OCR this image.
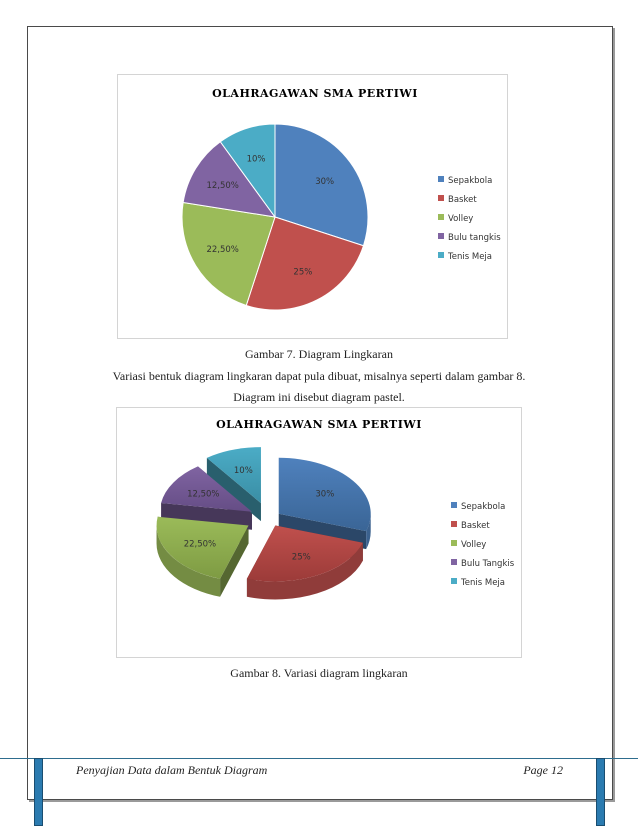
OLAHRAGAWAN SMA PERTIWI
30%
25%
22,50%
12,50%
10%
Sepakbola
Basket
Volley
Bulu tangkis
Tenis Meja
Gambar 7. Diagram Lingkaran
Variasi bentuk diagram lingkaran dapat pula dibuat, misalnya seperti dalam gambar 8.
Diagram ini disebut diagram pastel.
OLAHRAGAWAN SMA PERTIWI
30%
25%
22,50%
12,50%
10%
Sepakbola
Basket
Volley
Bulu Tangkis
Tenis Meja
Gambar 8. Variasi diagram lingkaran
Penyajian Data dalam Bentuk Diagram	Page 12
